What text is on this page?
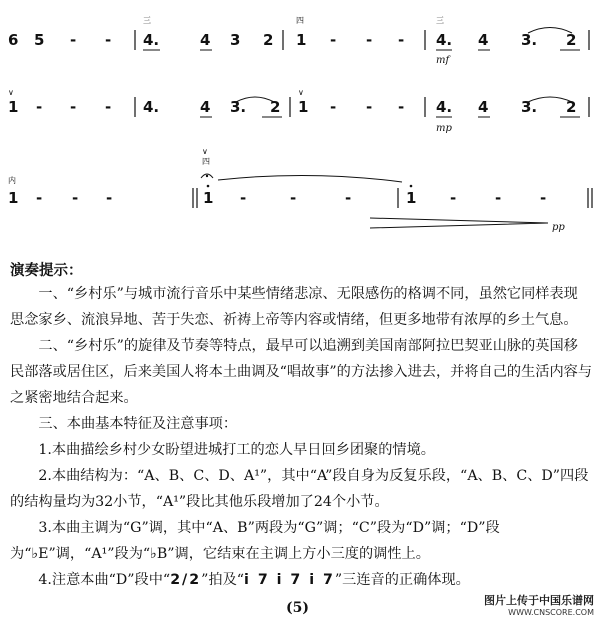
6 5 - -
三
4.	4 3 2
四
1 - - -
三
4. 4 3. 2
mf
∨
1 - - - 4.	4 3. 2
∨
1 - - - 4. 4 3. 2
mp
内
1 - - -
∨
四
1 -	-	-	1 -	-	-
pp
演奏提示：

一、“乡村乐”与城市流行音乐中某些情绪悲凉、无限感伤的格调不同，虽然它同样表现思念家乡、流浪异地、苦于失恋、祈祷上帝等内容或情绪，但更多地带有浓厚的乡土气息。

二、“乡村乐”的旋律及节奏等特点，最早可以追溯到美国南部阿拉巴契亚山脉的英国移民部落或居住区，后来美国人将本土曲调及“唱故事”的方法掺入进去，并将自己的生活内容与之紧密地结合起来。

三、本曲基本特征及注意事项：

1.本曲描绘乡村少女盼望进城打工的恋人早日回乡团聚的情境。

2.本曲结构为：“A、B、C、D、A¹”，其中“A”段自身为反复乐段，“A、B、C、D”四段的结构量均为32小节，“A¹”段比其他乐段增加了24个小节。

3.本曲主调为“G”调，其中“A、B”两段为“G”调；“C”段为“D”调；“D”段为“♭E”调，“A¹”段为“♭B”调，它结束在主调上方小三度的调性上。

4.注意本曲“D”段中“2/2”拍及“i 7 i 7 i 7”三连音的正确体现。

(5)	图片上传于中国乐谱网
WWW.CNSCORE.COM
